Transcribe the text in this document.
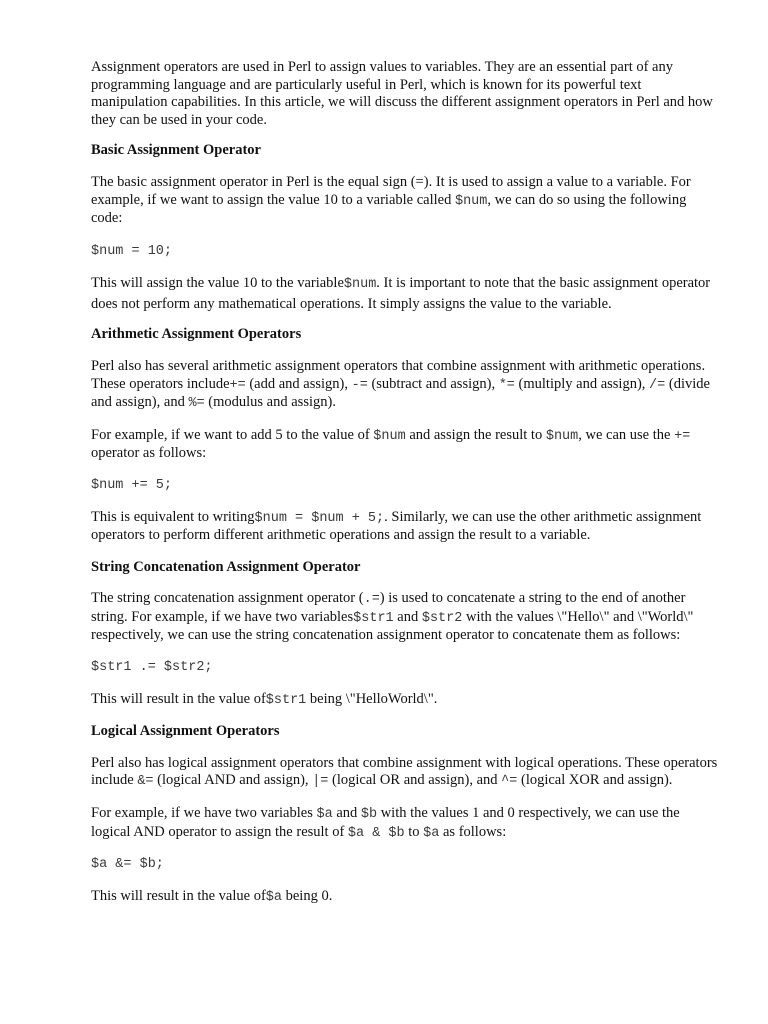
Assignment operators are used in Perl to assign values to variables. They are an essential part of any programming language and are particularly useful in Perl, which is known for its powerful text manipulation capabilities. In this article, we will discuss the different assignment operators in Perl and how they can be used in your code.

Basic Assignment Operator

The basic assignment operator in Perl is the equal sign (=). It is used to assign a value to a variable. For example, if we want to assign the value 10 to a variable called $num, we can do so using the following code:

$num = 10;

This will assign the value 10 to the variable$num. It is important to note that the basic assignment operator does not perform any mathematical operations. It simply assigns the value to the variable.

Arithmetic Assignment Operators

Perl also has several arithmetic assignment operators that combine assignment with arithmetic operations. These operators include+= (add and assign), -= (subtract and assign), *= (multiply and assign), /= (divide and assign), and %= (modulus and assign).

For example, if we want to add 5 to the value of $num and assign the result to $num, we can use the += operator as follows:

$num += 5;

This is equivalent to writing$num = $num + 5;. Similarly, we can use the other arithmetic assignment operators to perform different arithmetic operations and assign the result to a variable.

String Concatenation Assignment Operator

The string concatenation assignment operator (.=) is used to concatenate a string to the end of another string. For example, if we have two variables$str1 and $str2 with the values \"Hello\" and \"World\" respectively, we can use the string concatenation assignment operator to concatenate them as follows:

$str1 .= $str2;

This will result in the value of$str1 being \"HelloWorld\".

Logical Assignment Operators

Perl also has logical assignment operators that combine assignment with logical operations. These operators include &= (logical AND and assign), |= (logical OR and assign), and ^= (logical XOR and assign).

For example, if we have two variables $a and $b with the values 1 and 0 respectively, we can use the logical AND operator to assign the result of $a & $b to $a as follows:

$a &= $b;

This will result in the value of$a being 0.
